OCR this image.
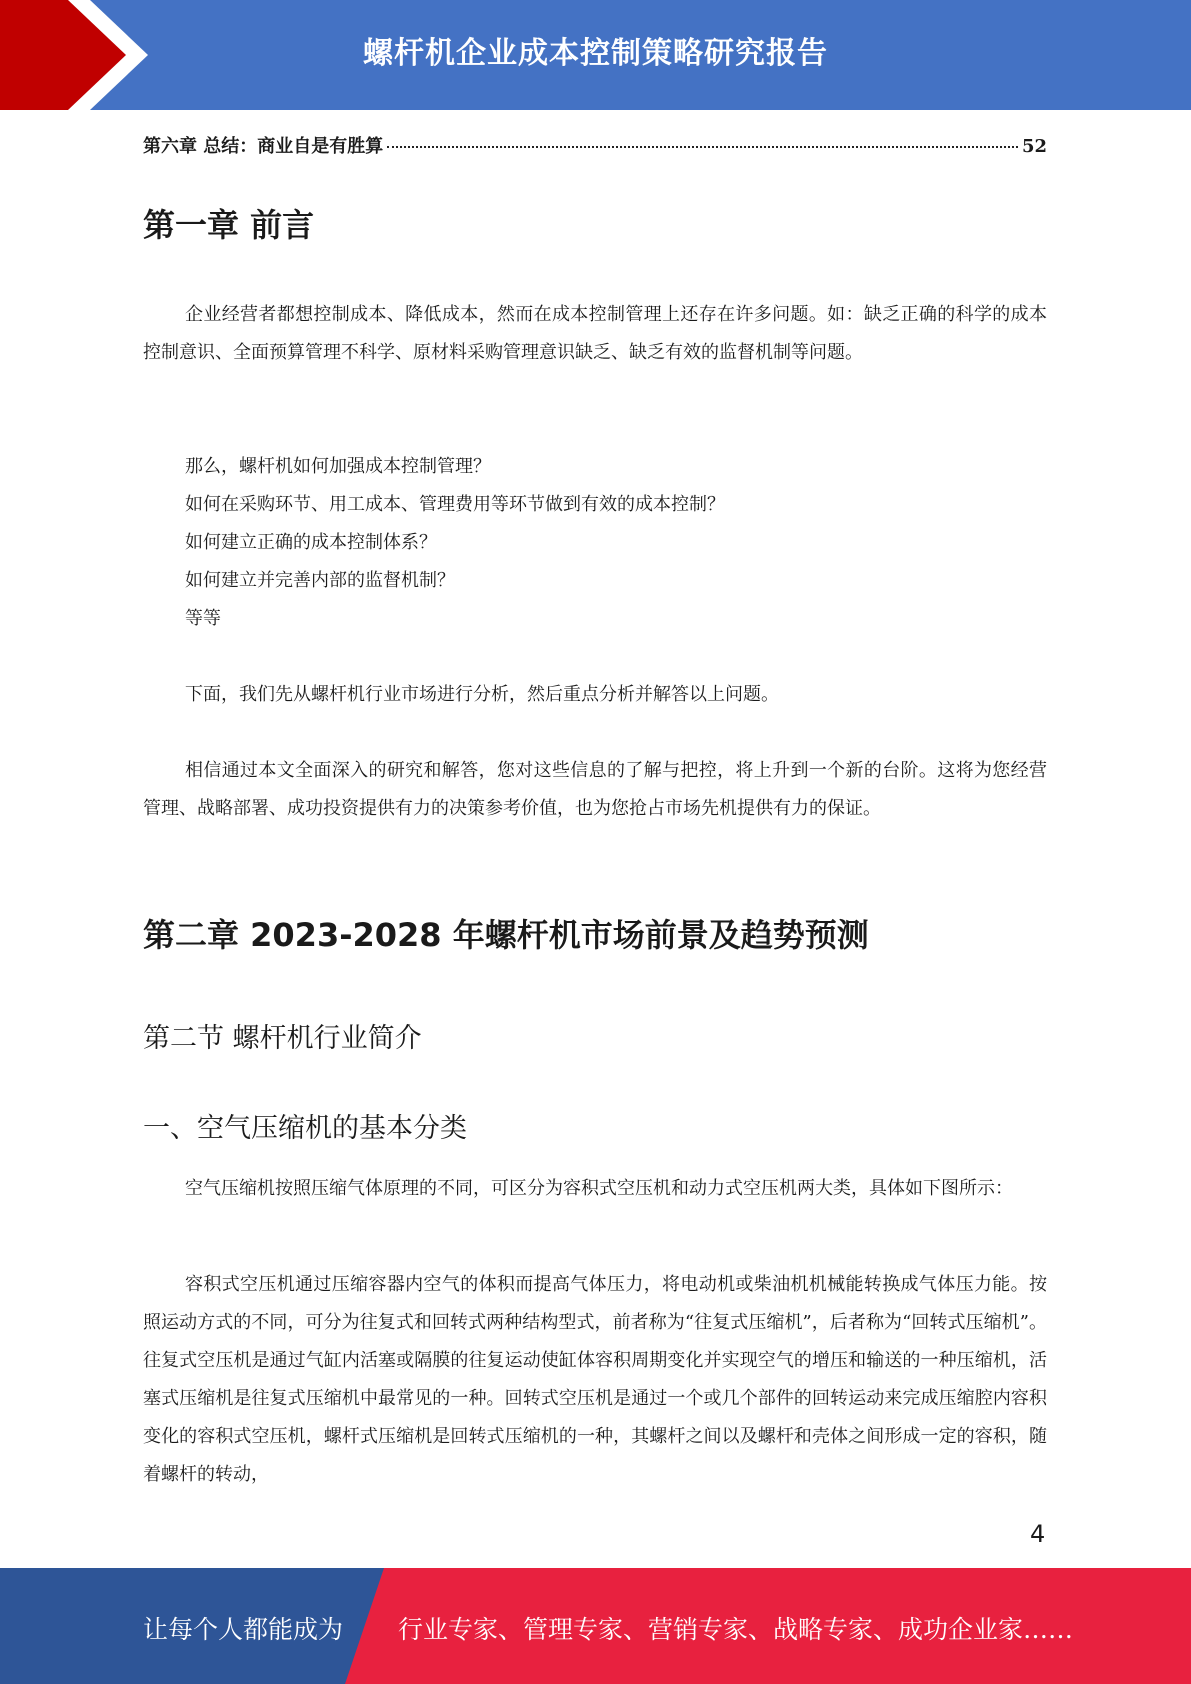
螺杆机企业成本控制策略研究报告
第六章 总结：商业自是有胜算	52
第一章 前言
企业经营者都想控制成本、降低成本，然而在成本控制管理上还存在许多问题。如：缺乏正确的科学的成本控制意识、全面预算管理不科学、原材料采购管理意识缺乏、缺乏有效的监督机制等问题。
那么，螺杆机如何加强成本控制管理？
如何在采购环节、用工成本、管理费用等环节做到有效的成本控制？
如何建立正确的成本控制体系？
如何建立并完善内部的监督机制？
等等
下面，我们先从螺杆机行业市场进行分析，然后重点分析并解答以上问题。
相信通过本文全面深入的研究和解答，您对这些信息的了解与把控，将上升到一个新的台阶。这将为您经营管理、战略部署、成功投资提供有力的决策参考价值，也为您抢占市场先机提供有力的保证。
第二章 2023-2028 年螺杆机市场前景及趋势预测
第二节 螺杆机行业简介
一、空气压缩机的基本分类
空气压缩机按照压缩气体原理的不同，可区分为容积式空压机和动力式空压机两大类，具体如下图所示：
容积式空压机通过压缩容器内空气的体积而提高气体压力，将电动机或柴油机机械能转换成气体压力能。按照运动方式的不同，可分为往复式和回转式两种结构型式，前者称为“往复式压缩机”，后者称为“回转式压缩机”。往复式空压机是通过气缸内活塞或隔膜的往复运动使缸体容积周期变化并实现空气的增压和输送的一种压缩机，活塞式压缩机是往复式压缩机中最常见的一种。回转式空压机是通过一个或几个部件的回转运动来完成压缩腔内容积变化的容积式空压机，螺杆式压缩机是回转式压缩机的一种，其螺杆之间以及螺杆和壳体之间形成一定的容积，随着螺杆的转动，
4
让每个人都能成为 行业专家、管理专家、营销专家、战略专家、成功企业家……
